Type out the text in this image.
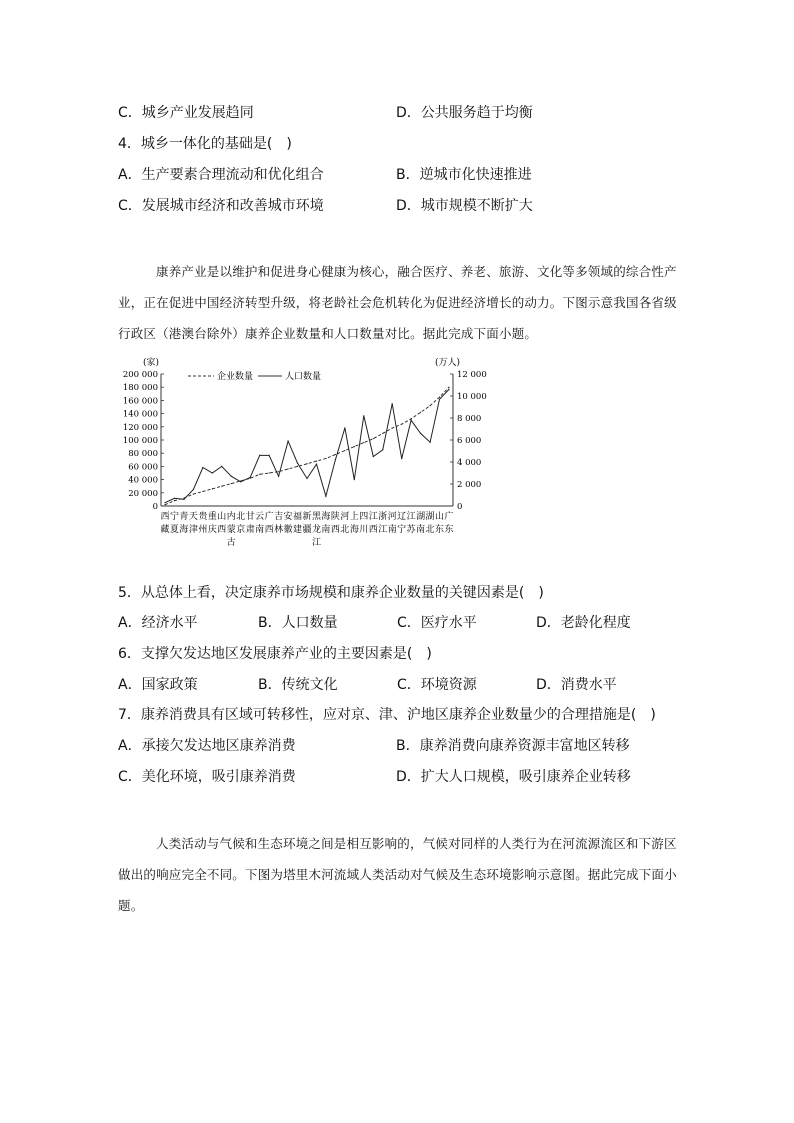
C．城乡产业发展趋同	D．公共服务趋于均衡
4．城乡一体化的基础是(　)
A．生产要素合理流动和优化组合	B．逆城市化快速推进
C．发展城市经济和改善城市环境	D．城市规模不断扩大
康养产业是以维护和促进身心健康为核心，融合医疗、养老、旅游、文化等多领域的综合性产业，正在促进中国经济转型升级，将老龄社会危机转化为促进经济增长的动力。下图示意我国各省级行政区（港澳台除外）康养企业数量和人口数量对比。据此完成下面小题。
(家)	(万人)
企业数量	人口数量
200 000
180 000
160 000
140 000
120 000
100 000
80 000
60 000
40 000
20 000
0
12 000
10 000
8 000
6 000
4 000
2 000
0
西
藏
宁
夏
青
海
天
津
贵
州
重
庆
山
西
内
蒙
古
北
京
甘
肃
云
南
广
西
吉
林
安
徽
福
建
新
疆
黑
龙
江
海
南
陕
西
河
北
上
海
四
川
江
西
浙
江
河
南
辽
宁
江
苏
湖
南
湖
北
山
东
广
东
5．从总体上看，决定康养市场规模和康养企业数量的关键因素是(　)
A．经济水平	B．人口数量	C．医疗水平	D．老龄化程度
6．支撑欠发达地区发展康养产业的主要因素是(　)
A．国家政策	B．传统文化	C．环境资源	D．消费水平
7．康养消费具有区域可转移性，应对京、津、沪地区康养企业数量少的合理措施是(　)
A．承接欠发达地区康养消费	B．康养消费向康养资源丰富地区转移
C．美化环境，吸引康养消费	D．扩大人口规模，吸引康养企业转移
人类活动与气候和生态环境之间是相互影响的，气候对同样的人类行为在河流源流区和下游区做出的响应完全不同。下图为塔里木河流域人类活动对气候及生态环境影响示意图。据此完成下面小题。
